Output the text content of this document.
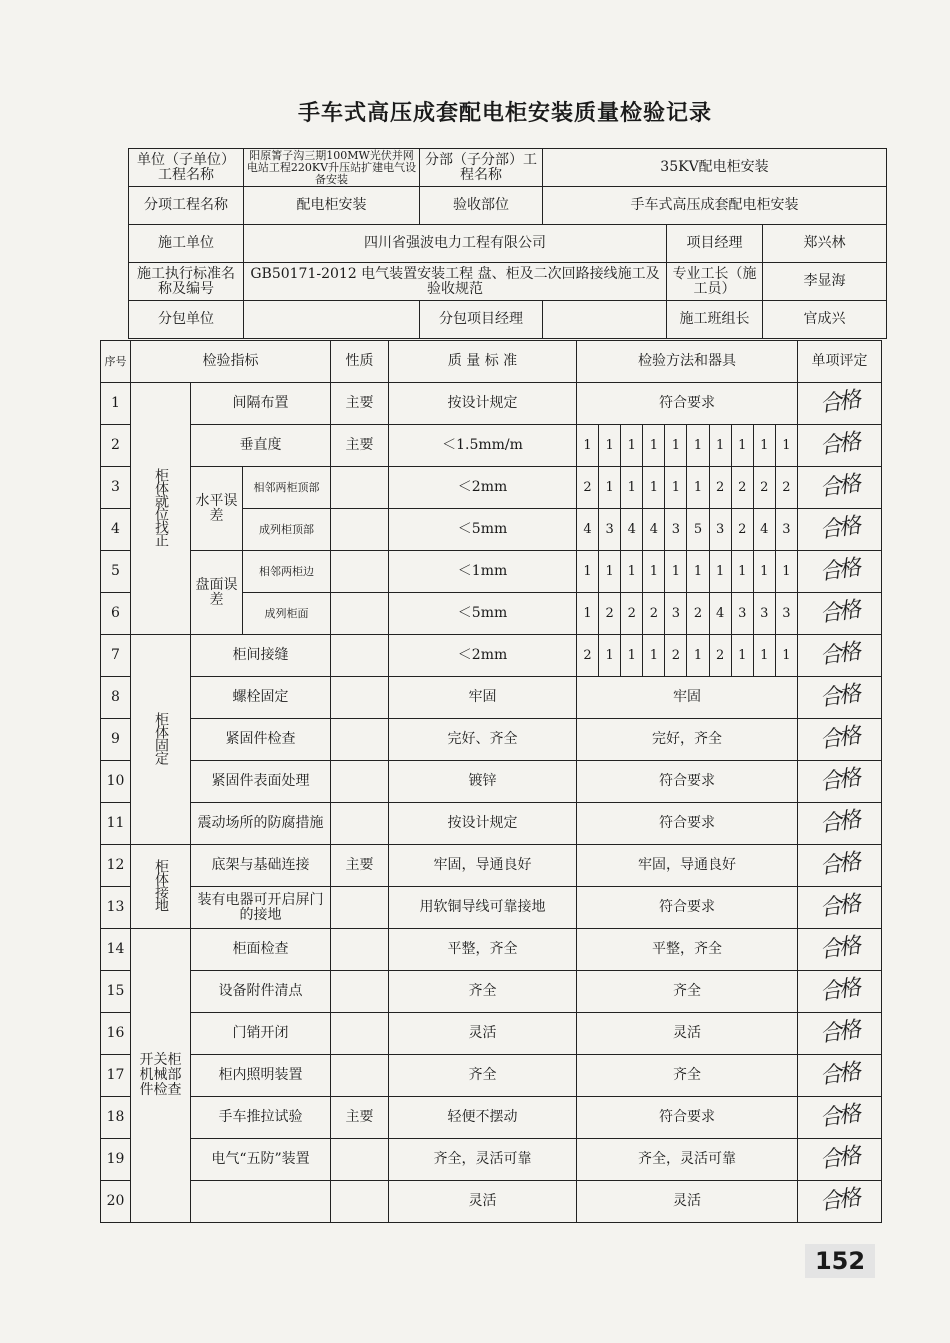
手车式高压成套配电柜安装质量检验记录
单位（子单位）工程名称	阳原箐子沟三期100MW光伏并网电站工程220KV升压站扩建电气设备安装	分部（子分部）工程名称	35KV配电柜安装		
分项工程名称	配电柜安装	验收部位	手车式高压成套配电柜安装		
施工单位	四川省强波电力工程有限公司			项目经理	郑兴林
施工执行标准名称及编号	GB50171-2012 电气装置安装工程 盘、柜及二次回路接线施工及验收规范			专业工长（施工员）	李显海
分包单位		分包项目经理		施工班组长	官成兴
序号	检验指标			性质	质 量 标 准	检验方法和器具										单项评定
1	柜体就位找正	间隔布置		主要	按设计规定	符合要求										合格
2		垂直度		主要	＜1.5mm/m	1	1	1	1	1	1	1	1	1	1	合格
3		水平误差	相邻两柜顶部		＜2mm	2	1	1	1	1	1	2	2	2	2	合格
4			成列柜顶部		＜5mm	4	3	4	4	3	5	3	2	4	3	合格
5		盘面误差	相邻两柜边		＜1mm	1	1	1	1	1	1	1	1	1	1	合格
6			成列柜面		＜5mm	1	2	2	2	3	2	4	3	3	3	合格
7	柜体固定	柜间接缝			＜2mm	2	1	1	1	2	1	2	1	1	1	合格
8		螺栓固定			牢固	牢固										合格
9		紧固件检查			完好、齐全	完好，齐全										合格
10		紧固件表面处理			镀锌	符合要求										合格
11		震动场所的防腐措施			按设计规定	符合要求										合格
12	柜体接地	底架与基础连接		主要	牢固，导通良好	牢固，导通良好										合格
13		装有电器可开启屏门的接地			用软铜导线可靠接地	符合要求										合格
14	开关柜机械部件检查	柜面检查			平整，齐全	平整，齐全										合格
15		设备附件清点			齐全	齐全										合格
16		门销开闭			灵活	灵活										合格
17		柜内照明装置			齐全	齐全										合格
18		手车推拉试验		主要	轻便不摆动	符合要求										合格
19		电气“五防”装置			齐全，灵活可靠	齐全，灵活可靠										合格
20					灵活	灵活										合格
152
